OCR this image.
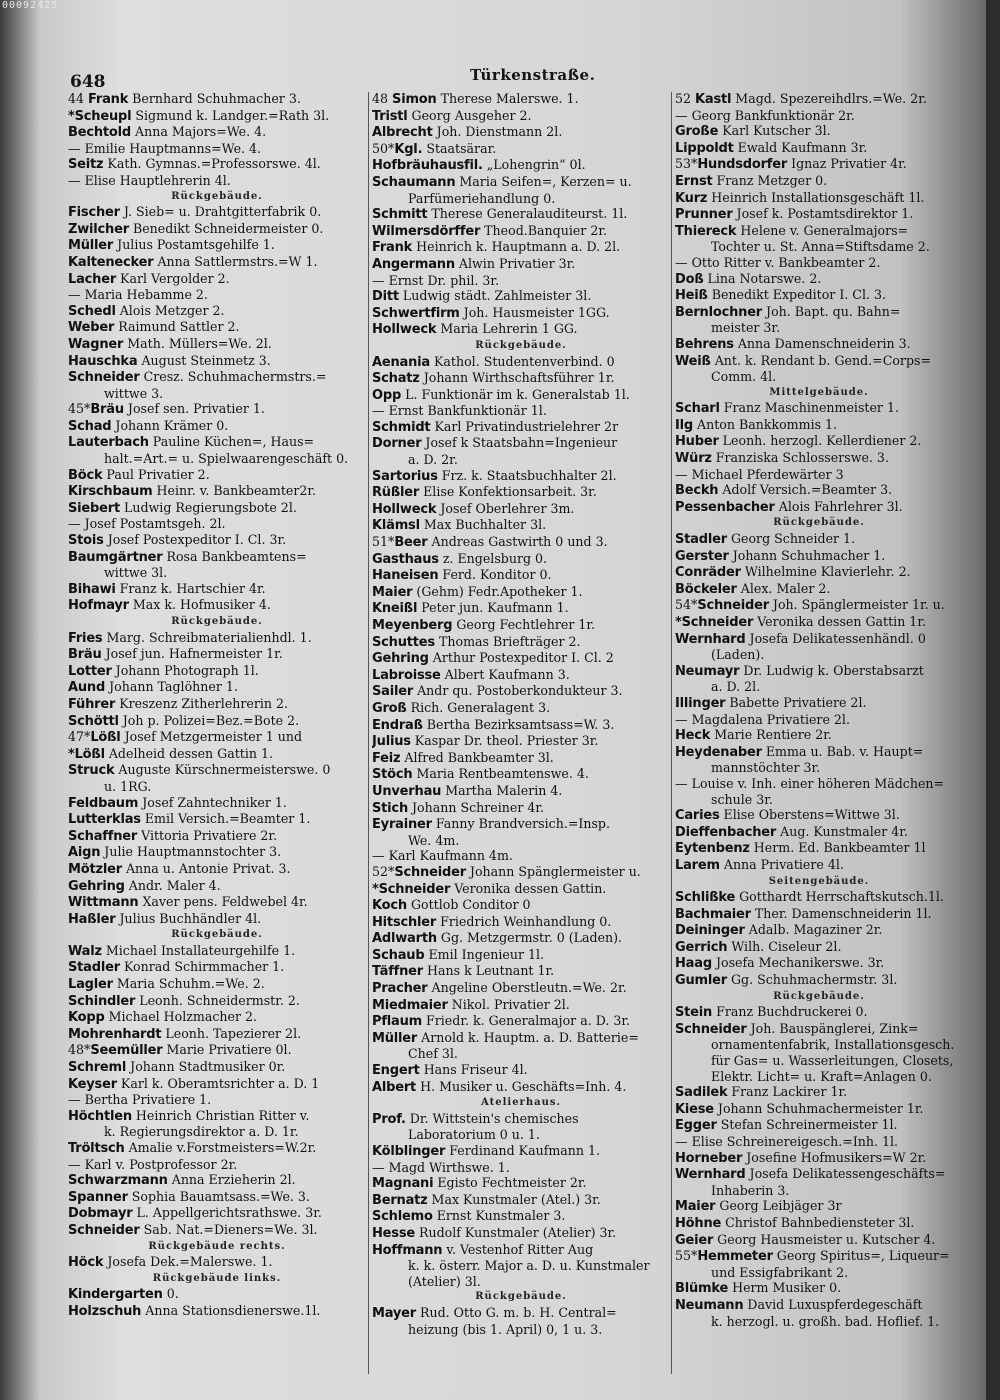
00092425
648	Türkenstraße.
44 Frank Bernhard Schuhmacher 3.
*Scheupl Sigmund k. Landger.=Rath 3l.
Bechtold Anna Majors=We. 4.
— Emilie Hauptmanns=We. 4.
Seitz Kath. Gymnas.=Professorswe. 4l.
— Elise Hauptlehrerin 4l.
Rückgebäude.
Fischer J. Sieb= u. Drahtgitterfabrik 0.
Zwilcher Benedikt Schneidermeister 0.
Müller Julius Postamtsgehilfe 1.
Kaltenecker Anna Sattlermstrs.=W 1.
Lacher Karl Vergolder 2.
— Maria Hebamme 2.
Schedl Alois Metzger 2.
Weber Raimund Sattler 2.
Wagner Math. Müllers=We. 2l.
Hauschka August Steinmetz 3.
Schneider Cresz. Schuhmachermstrs.=
wittwe 3.
45*Bräu Josef sen. Privatier 1.
Schad Johann Krämer 0.
Lauterbach Pauline Küchen=, Haus=
halt.=Art.= u. Spielwaarengeschäft 0.
Böck Paul Privatier 2.
Kirschbaum Heinr. v. Bankbeamter2r.
Siebert Ludwig Regierungsbote 2l.
— Josef Postamtsgeh. 2l.
Stois Josef Postexpeditor I. Cl. 3r.
Baumgärtner Rosa Bankbeamtens=
wittwe 3l.
Bihawi Franz k. Hartschier 4r.
Hofmayr Max k. Hofmusiker 4.
Rückgebäude.
Fries Marg. Schreibmaterialienhdl. 1.
Bräu Josef jun. Hafnermeister 1r.
Lotter Johann Photograph 1l.
Aund Johann Taglöhner 1.
Führer Kreszenz Zitherlehrerin 2.
Schöttl Joh p. Polizei=Bez.=Bote 2.
47*Lößl Josef Metzgermeister 1 und
*Lößl Adelheid dessen Gattin 1.
Struck Auguste Kürschnermeisterswe. 0
u. 1RG.
Feldbaum Josef Zahntechniker 1.
Lutterklas Emil Versich.=Beamter 1.
Schaffner Vittoria Privatiere 2r.
Aign Julie Hauptmannstochter 3.
Mötzler Anna u. Antonie Privat. 3.
Gehring Andr. Maler 4.
Wittmann Xaver pens. Feldwebel 4r.
Haßler Julius Buchhändler 4l.
Rückgebäude.
Walz Michael Installateurgehilfe 1.
Stadler Konrad Schirmmacher 1.
Lagler Maria Schuhm.=We. 2.
Schindler Leonh. Schneidermstr. 2.
Kopp Michael Holzmacher 2.
Mohrenhardt Leonh. Tapezierer 2l.
48*Seemüller Marie Privatiere 0l.
Schreml Johann Stadtmusiker 0r.
Keyser Karl k. Oberamtsrichter a. D. 1
— Bertha Privatiere 1.
Höchtlen Heinrich Christian Ritter v.
k. Regierungsdirektor a. D. 1r.
Tröltsch Amalie v.Forstmeisters=W.2r.
— Karl v. Postprofessor 2r.
Schwarzmann Anna Erzieherin 2l.
Spanner Sophia Bauamtsass.=We. 3.
Dobmayr L. Appellgerichtsrathswe. 3r.
Schneider Sab. Nat.=Dieners=We. 3l.
Rückgebäude rechts.
Höck Josefa Dek.=Malerswe. 1.
Rückgebäude links.
Kindergarten 0.
Holzschuh Anna Stationsdienerswe.1l.
48 Simon Therese Malerswe. 1.
Tristl Georg Ausgeher 2.
Albrecht Joh. Dienstmann 2l.
50*Kgl. Staatsärar.
Hofbräuhausfil. „Lohengrin“ 0l.
Schaumann Maria Seifen=, Kerzen= u.
Parfümeriehandlung 0.
Schmitt Therese Generalauditeurst. 1l.
Wilmersdörffer Theod.Banquier 2r.
Frank Heinrich k. Hauptmann a. D. 2l.
Angermann Alwin Privatier 3r.
— Ernst Dr. phil. 3r.
Ditt Ludwig städt. Zahlmeister 3l.
Schwertfirm Joh. Hausmeister 1GG.
Hollweck Maria Lehrerin 1 GG.
Rückgebäude.
Aenania Kathol. Studentenverbind. 0
Schatz Johann Wirthschaftsführer 1r.
Opp L. Funktionär im k. Generalstab 1l.
— Ernst Bankfunktionär 1l.
Schmidt Karl Privatindustrielehrer 2r
Dorner Josef k Staatsbahn=Ingenieur
a. D. 2r.
Sartorius Frz. k. Staatsbuchhalter 2l.
Rüßler Elise Konfektionsarbeit. 3r.
Hollweck Josef Oberlehrer 3m.
Klämsl Max Buchhalter 3l.
51*Beer Andreas Gastwirth 0 und 3.
Gasthaus z. Engelsburg 0.
Haneisen Ferd. Konditor 0.
Maier (Gehm) Fedr.Apotheker 1.
Kneißl Peter jun. Kaufmann 1.
Meyenberg Georg Fechtlehrer 1r.
Schuttes Thomas Briefträger 2.
Gehring Arthur Postexpeditor I. Cl. 2
Labroisse Albert Kaufmann 3.
Sailer Andr qu. Postoberkondukteur 3.
Groß Rich. Generalagent 3.
Endraß Bertha Bezirksamtsass=W. 3.
Julius Kaspar Dr. theol. Priester 3r.
Feiz Alfred Bankbeamter 3l.
Stöch Maria Rentbeamtenswe. 4.
Unverhau Martha Malerin 4.
Stich Johann Schreiner 4r.
Eyrainer Fanny Brandversich.=Insp.
We. 4m.
— Karl Kaufmann 4m.
52*Schneider Johann Spänglermeister u.
*Schneider Veronika dessen Gattin.
Koch Gottlob Conditor 0
Hitschler Friedrich Weinhandlung 0.
Adlwarth Gg. Metzgermstr. 0 (Laden).
Schaub Emil Ingenieur 1l.
Täffner Hans k Leutnant 1r.
Pracher Angeline Oberstleutn.=We. 2r.
Miedmaier Nikol. Privatier 2l.
Pflaum Friedr. k. Generalmajor a. D. 3r.
Müller Arnold k. Hauptm. a. D. Batterie=
Chef 3l.
Engert Hans Friseur 4l.
Albert H. Musiker u. Geschäfts=Inh. 4.
Atelierhaus.
Prof. Dr. Wittstein's chemisches
Laboratorium 0 u. 1.
Kölblinger Ferdinand Kaufmann 1.
— Magd Wirthswe. 1.
Magnani Egisto Fechtmeister 2r.
Bernatz Max Kunstmaler (Atel.) 3r.
Schlemo Ernst Kunstmaler 3.
Hesse Rudolf Kunstmaler (Atelier) 3r.
Hoffmann v. Vestenhof Ritter Aug
k. k. österr. Major a. D. u. Kunstmaler
(Atelier) 3l.
Rückgebäude.
Mayer Rud. Otto G. m. b. H. Central=
heizung (bis 1. April) 0, 1 u. 3.
52 Kastl Magd. Spezereihdlrs.=We. 2r.
— Georg Bankfunktionär 2r.
Große Karl Kutscher 3l.
Lippoldt Ewald Kaufmann 3r.
53*Hundsdorfer Ignaz Privatier 4r.
Ernst Franz Metzger 0.
Kurz Heinrich Installationsgeschäft 1l.
Prunner Josef k. Postamtsdirektor 1.
Thiereck Helene v. Generalmajors=
Tochter u. St. Anna=Stiftsdame 2.
— Otto Ritter v. Bankbeamter 2.
Doß Lina Notarswe. 2.
Heiß Benedikt Expeditor I. Cl. 3.
Bernlochner Joh. Bapt. qu. Bahn=
meister 3r.
Behrens Anna Damenschneiderin 3.
Weiß Ant. k. Rendant b. Gend.=Corps=
Comm. 4l.
Mittelgebäude.
Scharl Franz Maschinenmeister 1.
Ilg Anton Bankkommis 1.
Huber Leonh. herzogl. Kellerdiener 2.
Würz Franziska Schlosserswe. 3.
— Michael Pferdewärter 3
Beckh Adolf Versich.=Beamter 3.
Pessenbacher Alois Fahrlehrer 3l.
Rückgebäude.
Stadler Georg Schneider 1.
Gerster Johann Schuhmacher 1.
Conräder Wilhelmine Klavierlehr. 2.
Böckeler Alex. Maler 2.
54*Schneider Joh. Spänglermeister 1r. u.
*Schneider Veronika dessen Gattin 1r.
Wernhard Josefa Delikatessenhändl. 0
(Laden).
Neumayr Dr. Ludwig k. Oberstabsarzt
a. D. 2l.
Illinger Babette Privatiere 2l.
— Magdalena Privatiere 2l.
Heck Marie Rentiere 2r.
Heydenaber Emma u. Bab. v. Haupt=
mannstöchter 3r.
— Louise v. Inh. einer höheren Mädchen=
schule 3r.
Caries Elise Oberstens=Wittwe 3l.
Dieffenbacher Aug. Kunstmaler 4r.
Eytenbenz Herm. Ed. Bankbeamter 1l
Larem Anna Privatiere 4l.
Seitengebäude.
Schlißke Gotthardt Herrschaftskutsch.1l.
Bachmaier Ther. Damenschneiderin 1l.
Deininger Adalb. Magaziner 2r.
Gerrich Wilh. Ciseleur 2l.
Haag Josefa Mechanikerswe. 3r.
Gumler Gg. Schuhmachermstr. 3l.
Rückgebäude.
Stein Franz Buchdruckerei 0.
Schneider Joh. Bauspänglerei, Zink=
ornamentenfabrik, Installationsgesch.
für Gas= u. Wasserleitungen, Closets,
Elektr. Licht= u. Kraft=Anlagen 0.
Sadilek Franz Lackirer 1r.
Kiese Johann Schuhmachermeister 1r.
Egger Stefan Schreinermeister 1l.
— Elise Schreinereigesch.=Inh. 1l.
Horneber Josefine Hofmusikers=W 2r.
Wernhard Josefa Delikatessengeschäfts=
Inhaberin 3.
Maier Georg Leibjäger 3r
Höhne Christof Bahnbediensteter 3l.
Geier Georg Hausmeister u. Kutscher 4.
55*Hemmeter Georg Spiritus=, Liqueur=
und Essigfabrikant 2.
Blümke Herm Musiker 0.
Neumann David Luxuspferdegeschäft
k. herzogl. u. großh. bad. Hoflief. 1.
